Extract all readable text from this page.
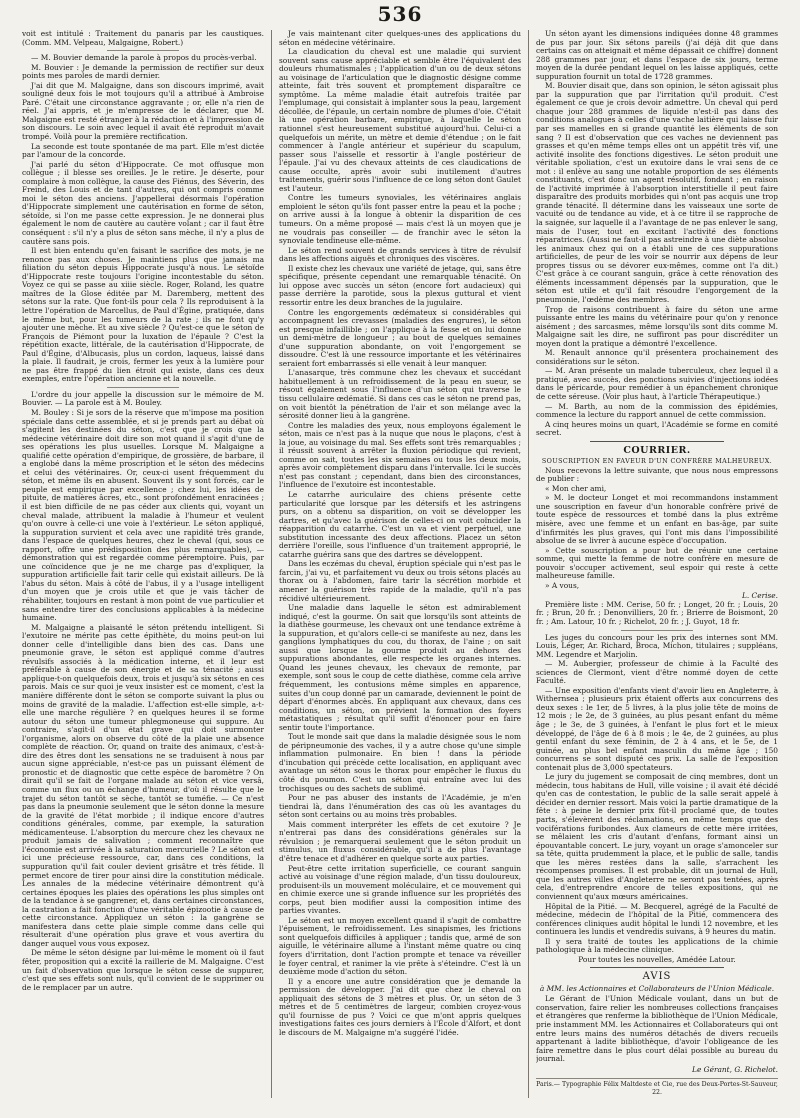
536

voit est intitulé : Traitement du panaris par les caustiques. (Comm. MM. Velpeau, Malgaigne, Robert.)

— M. Bouvier demande la parole à propos du procès-verbal.

M. Bouvier : Je demande la permission de rectifier sur deux points mes paroles de mardi dernier.

J'ai dit que M. Malgaigne, dans son discours imprimé, avait souligné deux fois le mot toujours qu'il a attribué à Ambroise Paré. C'était une circonstance aggravante ; or, elle n'a rien de réel. J'ai appris, et je m'empresse de le déclarer, que M. Malgaigne est resté étranger à la rédaction et à l'impression de son discours. Le soin avec lequel il avait été reproduit m'avait trompé. Voilà pour la première rectification.

La seconde est toute spontanée de ma part. Elle m'est dictée par l'amour de la concorde.

J'ai parlé du séton d'Hippocrate. Ce mot offusque mon collègue ; il blesse ses oreilles. Je le retire. Je déserte, pour complaire à mon collègue, la cause des Fiénus, des Séverin, des Freind, des Louis et de tant d'autres, qui ont compris comme moi le séton des anciens. J'appellerai désormais l'opération d'Hippocrate simplement une cautérisation en forme de séton, sétoïde, si l'on me passe cette expression. Je ne donnerai plus également le nom de cautère au cautère volant ; car il faut être conséquent : s'il n'y a plus de séton sans mèche, il n'y a plus de cautère sans pois.

Il est bien entendu qu'en faisant le sacrifice des mots, je ne renonce pas aux choses. Je maintiens plus que jamais ma filiation du séton depuis Hippocrate jusqu'à nous. Le sétoïde d'Hippocrate reste toujours l'origine incontestable du séton. Voyez ce qui se passe au xiiie siècle. Roger, Roland, les quatre maîtres de la Glose éditée par M. Daremberg, mettent des sétons sur la rate. Que font-ils pour cela ? Ils reproduisent à la lettre l'opération de Marcellus, de Paul d'Égine, pratiquée, dans le même but, pour les tumeurs de la rate ; ils ne font qu'y ajouter une mèche. Et au xive siècle ? Qu'est-ce que le séton de François de Piémont pour la luxation de l'épaule ? C'est la répétition exacte, littérale, de la cautérisation d'Hippocrate, de Paul d'Égine, d'Albucasis, plus un cordon, laqueus, laissé dans la plaie. Il faudrait, je crois, fermer les yeux à la lumière pour ne pas être frappé du lien étroit qui existe, dans ces deux exemples, entre l'opération ancienne et la nouvelle.

L'ordre du jour appelle la discussion sur le mémoire de M. Bouvier. — La parole est à M. Bouley.

M. Bouley : Si je sors de la réserve que m'impose ma position spéciale dans cette assemblée, et si je prends part au débat où s'agitent les destinées du séton, c'est que je crois que la médecine vétérinaire doit dire son mot quand il s'agit d'une de ses opérations les plus usuelles. Lorsque M. Malgaigne a qualifié cette opération d'empirique, de grossière, de barbare, il a englobé dans la même proscription et le séton des médecins et celui des vétérinaires. Or, ceux-ci usent fréquemment du séton, et même ils en abusent. Souvent ils y sont forcés, car le peuple est empirique par excellence ; chez lui, les idées de pituite, de matières âcres, etc., sont profondément enracinées ; il est bien difficile de ne pas céder aux clients qui, voyant un cheval malade, attribuent la maladie à l'humeur et veulent qu'on ouvre à celle-ci une voie à l'extérieur. Le séton appliqué, la suppuration survient et cela avec une rapidité très grande, dans l'espace de quelques heures, chez le cheval (qui, sous ce rapport, offre une prédisposition des plus remarquables), — démonstration qui est regardée comme péremptoire. Puis, par une coïncidence que je ne me charge pas d'expliquer, la suppuration artificielle fait tarir celle qui existait ailleurs. De là l'abus du séton. Mais à côté de l'abus, il y a l'usage intelligent d'un moyen que je crois utile et que je vais tâcher de réhabiliter, toujours en restant à mon point de vue particulier et sans entendre tirer des conclusions applicables à la médecine humaine.

M. Malgaigne a plaisanté le séton prétendu intelligent. Si l'exutoire ne mérite pas cette épithète, du moins peut-on lui donner celle d'intelligible dans bien des cas. Dans une pneumonie grave, le séton est appliqué comme d'autres révulsifs associés à la médication interne, et il leur est préférable à cause de son énergie et de sa ténacité ; aussi applique-t-on quelquefois deux, trois et jusqu'à six sétons en ces parois. Mais ce sur quoi je veux insister est ce moment, c'est la manière différente dont le séton se comporte suivant la plus ou moins de gravité de la maladie. L'affection est-elle simple, a-t-elle une marche régulière ? en quelques heures il se forme autour du séton une tumeur phlegmoneuse qui suppure. Au contraire, s'agit-il d'un état grave qui doit surmonter l'organisme, alors on observe du côté de la plaie une absence complète de réaction. Or, quand on traite des animaux, c'est-à-dire des êtres dont les sensations ne se traduisent à nous par aucun signe appréciable, n'est-ce pas un puissant élément de pronostic et de diagnostic que cette espèce de baromètre ? On dirait qu'il se fait de l'organe malade au séton et vice versâ, comme un flux ou un échange d'humeur, d'où il résulte que le trajet du séton tantôt se sèche, tantôt se tuméfie. — Ce n'est pas dans la pneumonie seulement que le séton donne la mesure de la gravité de l'état morbide ; il indique encore d'autres conditions générales, comme, par exemple, la saturation médicamenteuse. L'absorption du mercure chez les chevaux ne produit jamais de salivation ; comment reconnaître que l'économie est arrivée à la saturation mercurielle ? Le séton est ici une précieuse ressource, car, dans ces conditions, la suppuration qu'il fait couler devient grisâtre et très fétide. Il permet encore de tirer pour ainsi dire la constitution médicale. Les annales de la médecine vétérinaire démontrent qu'à certaines époques les plaies des opérations les plus simples ont de la tendance à se gangrener, et, dans certaines circonstances, la castration a fait fonction d'une véritable épizootie à cause de cette circonstance. Appliquez un séton : la gangrène se manifestera dans cette plaie simple comme dans celle qui résulterait d'une opération plus grave et vous avertira du danger auquel vous vous exposez.

De même le séton désigne par lui-même le moment où il faut fêter, proposition qui a excité la raillerie de M. Malgaigne. C'est un fait d'observation que lorsque le séton cesse de suppurer, c'est que ses effets sont nuls, qu'il convient de le supprimer ou de le remplacer par un autre.

Je vais maintenant citer quelques-unes des applications du séton en médecine vétérinaire.

La claudication du cheval est une maladie qui survient souvent sans cause appréciable et semble être l'équivalent des douleurs rhumatismales ; l'application d'un ou de deux sétons au voisinage de l'articulation que le diagnostic désigne comme atteinte, fait très souvent et promptement disparaître ce symptôme. La même maladie était autrefois traitée par l'emplumage, qui consistait à implanter sous la peau, largement décollée, de l'épaule, un certain nombre de plumes d'oie. C'était là une opération barbare, empirique, à laquelle le séton rationnel s'est heureusement substitué aujourd'hui. Celui-ci a quelquefois un mérite, un mètre et demie d'étendue ; on le fait commencer à l'angle antérieur et supérieur du scapulum, passer sous l'aisselle et ressortir à l'angle postérieur de l'épaule. J'ai vu des chevaux atteints de ces claudications de cause occulte, après avoir subi inutilement d'autres traitements, guérir sous l'influence de ce long séton dont Gaulet est l'auteur.

Contre les tumeurs synoviales, les vétérinaires anglais emploient le séton qu'ils font passer entre la peau et la poche ; on arrive aussi à la longue à obtenir la disparition de ces tumeurs. On a même proposé — mais c'est là un moyen que je ne voudrais pas conseiller — de franchir avec le séton la synoviale tendineuse elle-même.

Le séton rend souvent de grands services à titre de révulsif dans les affections aiguës et chroniques des viscères.

Il existe chez les chevaux une variété de jetage, qui, sans être spécifique, présente cependant une remarquable ténacité. On lui oppose avec succès un séton (encore fort audacieux) qui passe derrière la parotide, sous la plexus guttural et vient ressortir entre les deux branches de la jugulaire.

Contre les engorgements œdémateux si considérables qui accompagnent les crevasses (maladies des engrures), le séton est presque infaillible ; on l'applique à la fesse et on lui donne un demi-mètre de longueur ; au bout de quelques semaines d'une suppuration abondante, on voit l'engorgement se dissoudre. C'est là une ressource importante et les vétérinaires seraient fort embarrassés si elle venait à leur manquer.

L'anasarque, très commune chez les chevaux et succédant habituellement à un refroidissement de la peau en sueur, se résout également sous l'influence d'un séton qui traverse le tissu cellulaire œdématié. Si dans ces cas le séton ne prend pas, on voit bientôt la pénétration de l'air et son mélange avec la sérosité donner lieu à la gangrène.

Contre les maladies des yeux, nous employons également le séton, mais ce n'est pas à la nuque que nous le plaçons, c'est à la joue, au voisinage du mal. Ses effets sont très remarquables ; il réussit souvent à arrêter la fluxion périodique qui revient, comme on sait, toutes les six semaines ou tous les deux mois, après avoir complètement disparu dans l'intervalle. Ici le succès n'est pas constant ; cependant, dans bien des circonstances, l'influence de l'exutoire est incontestable.

Le catarrhe auriculaire des chiens présente cette particularité que lorsque par les détersifs et les astringens purs, on a obtenu sa disparition, on voit se développer les dartres, et qu'avec la guérison de celles-ci on voit coïncider la réapparition du catarrhe. C'est un va et vient perpétuel, une substitution incessante des deux affections. Placez un séton derrière l'oreille, sous l'influence d'un traitement approprié, le catarrhe guérira sans que des dartres se développent.

Dans les eczémas du cheval, éruption spéciale qui n'est pas le farcin, j'ai vu, et parfaitement vu deux ou trois sétons placés au thorax ou à l'abdomen, faire tarir la sécrétion morbide et amener la guérison très rapide de la maladie, qu'il n'a pas récidivé ultérieurement.

Une maladie dans laquelle le séton est admirablement indiqué, c'est la gourme. On sait que lorsqu'ils sont atteints de la diathèse gourmeuse, les chevaux ont une tendance extrême à la suppuration, et qu'alors celle-ci se manifeste au nez, dans les ganglions lymphatiques du cou, du thorax, de l'aine ; on sait aussi que lorsque la gourme produit au dehors des suppurations abondantes, elle respecte les organes internes. Quand les jeunes chevaux, les chevaux de remonte, par exemple, sont sous le coup de cette diathèse, comme cela arrive fréquemment, les contusions même simples en apparence, suites d'un coup donné par un camarade, deviennent le point de départ d'énormes abcès. En appliquant aux chevaux, dans ces conditions, un séton, on prévient la formation des foyers métastatiques ; résultat qu'il suffit d'énoncer pour en faire sentir toute l'importance.

Tout le monde sait que dans la maladie désignée sous le nom de péripneumonie des vaches, il y a autre chose qu'une simple inflammation pulmonaire. En bien ! dans la période d'incubation qui précède cette localisation, en appliquant avec avantage un séton sous le thorax pour empêcher le fluxus du côté du poumon. C'est un séton qui entraîne avec lui des trochisques ou des sachets de sublimé.

Pour ne pas abuser des instants de l'Académie, je m'en tiendrai là, dans l'énumération des cas où les avantages du séton sont certains ou au moins très probables.

Mais comment interpréter les effets de cet exutoire ? Je n'entrerai pas dans des considérations générales sur la révulsion ; je remarquerai seulement que le séton produit un stimulus, un fluxus considérable, qu'il a de plus l'avantage d'être tenace et d'adhérer en quelque sorte aux parties.

Peut-être cette irritation superficielle, ce courant sanguin activé au voisinage d'une région malade, d'un tissu douloureux, produisent-ils un mouvement moléculaire, et ce mouvement qui en chimie exerce une si grande influence sur les propriétés des corps, peut bien modifier aussi la composition intime des parties vivantes.

Le séton est un moyen excellent quand il s'agit de combattre l'épuisement, le refroidissement. Les sinapismes, les frictions sont quelquefois difficiles à appliquer ; tandis que, armé de son aiguille, le vétérinaire allume à l'instant même quatre ou cinq foyers d'irritation, dont l'action prompte et tenace va réveiller le foyer central, et ranimer la vie prête à s'éteindre. C'est là un deuxième mode d'action du séton.

Il y a encore une autre considération que je demande la permission de développer. J'ai dit que chez le cheval on appliquait des sétons de 3 mètres et plus. Or, un séton de 3 mètres et de 5 centimètres de largeur, combien croyez-vous qu'il fournisse de pus ? Voici ce que m'ont appris quelques investigations faites ces jours derniers à l'École d'Alfort, et dont le discours de M. Malgaigne m'a suggéré l'idée.

Un séton ayant les dimensions indiquées donne 48 grammes de pus par jour. Six sétons pareils (j'ai déjà dit que dans certains cas on atteignait et même dépassait ce chiffre) donnent 288 grammes par jour, et dans l'espace de six jours, terme moyen de la durée pendant lequel on les laisse appliqués, cette suppuration fournit un total de 1728 grammes.

M. Bouvier disait que, dans son opinion, le séton agissait plus par la suppuration que par l'irritation qu'il produit. C'est également ce que je crois devoir admettre. Un cheval qui perd chaque jour 288 grammes de liquide n'est-il pas dans des conditions analogues à celles d'une vache laitière qui laisse fuir par ses mamelles en si grande quantité les éléments de son sang ? Il est d'observation que ces vaches ne deviennent pas grasses et qu'en même temps elles ont un appétit très vif, une activité insolite des fonctions digestives. Le séton produit une véritable spoliation, c'est un exutoire dans le vrai sens de ce mot : il enlève au sang une notable proportion de ses éléments constituants, c'est donc un agent résolutif, fondant ; en raison de l'activité imprimée à l'absorption interstitielle il peut faire disparaître des produits morbides qui n'ont pas acquis une trop grande ténacité. Il détermine dans les vaisseaux une sorte de vacuité ou de tendance au vide, et à ce titre il se rapproche de la saignée, sur laquelle il a l'avantage de ne pas enlever le sang, mais de l'user, tout en excitant l'activité des fonctions réparatrices. (Aussi ne faut-il pas astreindre à une diète absolue les animaux chez qui on a établi une de ces suppurations artificielles, de peur de les voir se nourrir aux dépens de leur propres tissus ou se dévorer eux-mêmes, comme ont l'a dit.) C'est grâce à ce courant sanguin, grâce à cette rénovation des éléments incessamment dépensés par la suppuration, que le séton est utile et qu'il fait résoudre l'engorgement de la pneumonie, l'œdème des membres.

Trop de raisons contribuent à faire du séton une arme puissante entre les mains du vétérinaire pour qu'on y renonce aisément ; des sarcasmes, même lorsqu'ils sont dits comme M. Malgaigne sait les dire, ne suffiront pas pour discréditer un moyen dont la pratique a démontré l'excellence.

M. Renault annonce qu'il présentera prochainement des considérations sur le séton.

— M. Aran présente un malade tuberculeux, chez lequel il a pratiqué, avec succès, des ponctions suivies d'injections iodées dans le péricarde, pour remédier à un épanchement chronique de cette séreuse. (Voir plus haut, à l'article Thérapeutique.)

— M. Barth, au nom de la commission des épidémies, commence la lecture du rapport annuel de cette commission.

A cinq heures moins un quart, l'Académie se forme en comité secret.

COURRIER.
SOUSCRIPTION EN FAVEUR D'UN CONFRÈRE MALHEUREUX.

Nous recevons la lettre suivante, que nous nous empressons de publier :

« Mon cher ami,

» M. le docteur Longet et moi recommandons instamment une souscription en faveur d'un honorable confrère privé de toute espèce de ressources et tombé dans la plus extrême misère, avec une femme et un enfant en bas-âge, par suite d'infirmités les plus graves, qui l'ont mis dans l'impossibilité absolue de se livrer à aucune espèce d'occupation.

» Cette souscription a pour but de réunir une certaine somme, qui mette la femme de notre confrère en mesure de pouvoir s'occuper activement, seul espoir qui reste à cette malheureuse famille.

» A vous,

L. Cerise.

Première liste : MM. Cerise, 50 fr. ; Longet, 20 fr. ; Louis, 20 fr. ; Brun, 20 fr. ; Denonvilliers, 20 fr. ; Brierre de Boismont, 20 fr. ; Am. Latour, 10 fr. ; Richelot, 20 fr. ; J. Guyot, 18 fr.

Les juges du concours pour les prix des internes sont MM. Louis, Léger, Ar. Richard, Broca, Michon, titulaires ; suppléans, MM. Legendre et Marjolin.

— M. Aubergier, professeur de chimie à la Faculté des sciences de Clermont, vient d'être nommé doyen de cette Faculté.

— Une exposition d'enfants vient d'avoir lieu en Angleterre, à Withernsea ; plusieurs prix étaient offerts aux concurrens des deux sexes : le 1er, de 5 livres, à la plus jolie tête de moins de 12 mois ; le 2e, de 3 guinées, au plus pesant enfant du même âge ; le 3e, de 3 guinées, à l'enfant le plus fort et le mieux développé, de l'âge de 6 à 8 mois ; le 4e, de 2 guinées, au plus gentil enfant du sexe féminin, de 2 à 4 ans, et le 5e, de 1 guinée, au plus bel enfant masculin du même âge ; 150 concurrens se sont disputé ces prix. La salle de l'exposition contenait plus de 3,000 spectateurs.

Le jury du jugement se composait de cinq membres, dont un médecin, tous habitans de Hull, ville voisine ; il avait été décidé qu'en cas de contestation, le public de la salle serait appelé à décider en dernier ressort. Mais voici la partie dramatique de la fête : à peine le dernier prix fût-il proclamé que, de toutes parts, s'élevèrent des réclamations, en même temps que des vociférations furibondes. Aux clameurs de cette mère irritées, se mêlaient les cris d'autant d'enfans, formant ainsi un épouvantable concert. Le jury, voyant un orage s'amonceler sur sa tête, quitta prudemment la place, et le public de salle, tandis que les mères restées dans la salle, s'arrachent les récompenses promises. Il est probable, dit un journal de Hull, que les autres villes d'Angleterre ne seront pas tentées, après cela, d'entreprendre encore de telles expositions, qui ne conviennent qu'aux mœurs américaines.

Hôpital de la Pitié. — M. Becquerel, agrégé de la Faculté de médecine, médecin de l'hôpital de la Pitié, commencera des conférences cliniques audit hôpital le lundi 12 novembre, et les continuera les lundis et vendredis suivans, à 9 heures du matin.

Il y sera traité de toutes les applications de la chimie pathologique à la médecine clinique.

Pour toutes les nouvelles, Amédée Latour.

AVIS
à MM. les Actionnaires et Collaborateurs de l'Union Médicale.

Le Gérant de l'Union Médicale voulant, dans un but de conservation, faire relier les nombreuses collections françaises et étrangères que renferme la bibliothèque de l'Union Médicale, prie instamment MM. les Actionnaires et Collaborateurs qui ont entre leurs mains des numéros détachés de divers recueils appartenant à ladite bibliothèque, d'avoir l'obligeance de les faire remettre dans le plus court délai possible au bureau du journal.

Le Gérant, G. Richelot.
Paris.— Typographie Félix Maltdeste et Cie, rue des Deux-Portes-St-Sauveur, 22.
